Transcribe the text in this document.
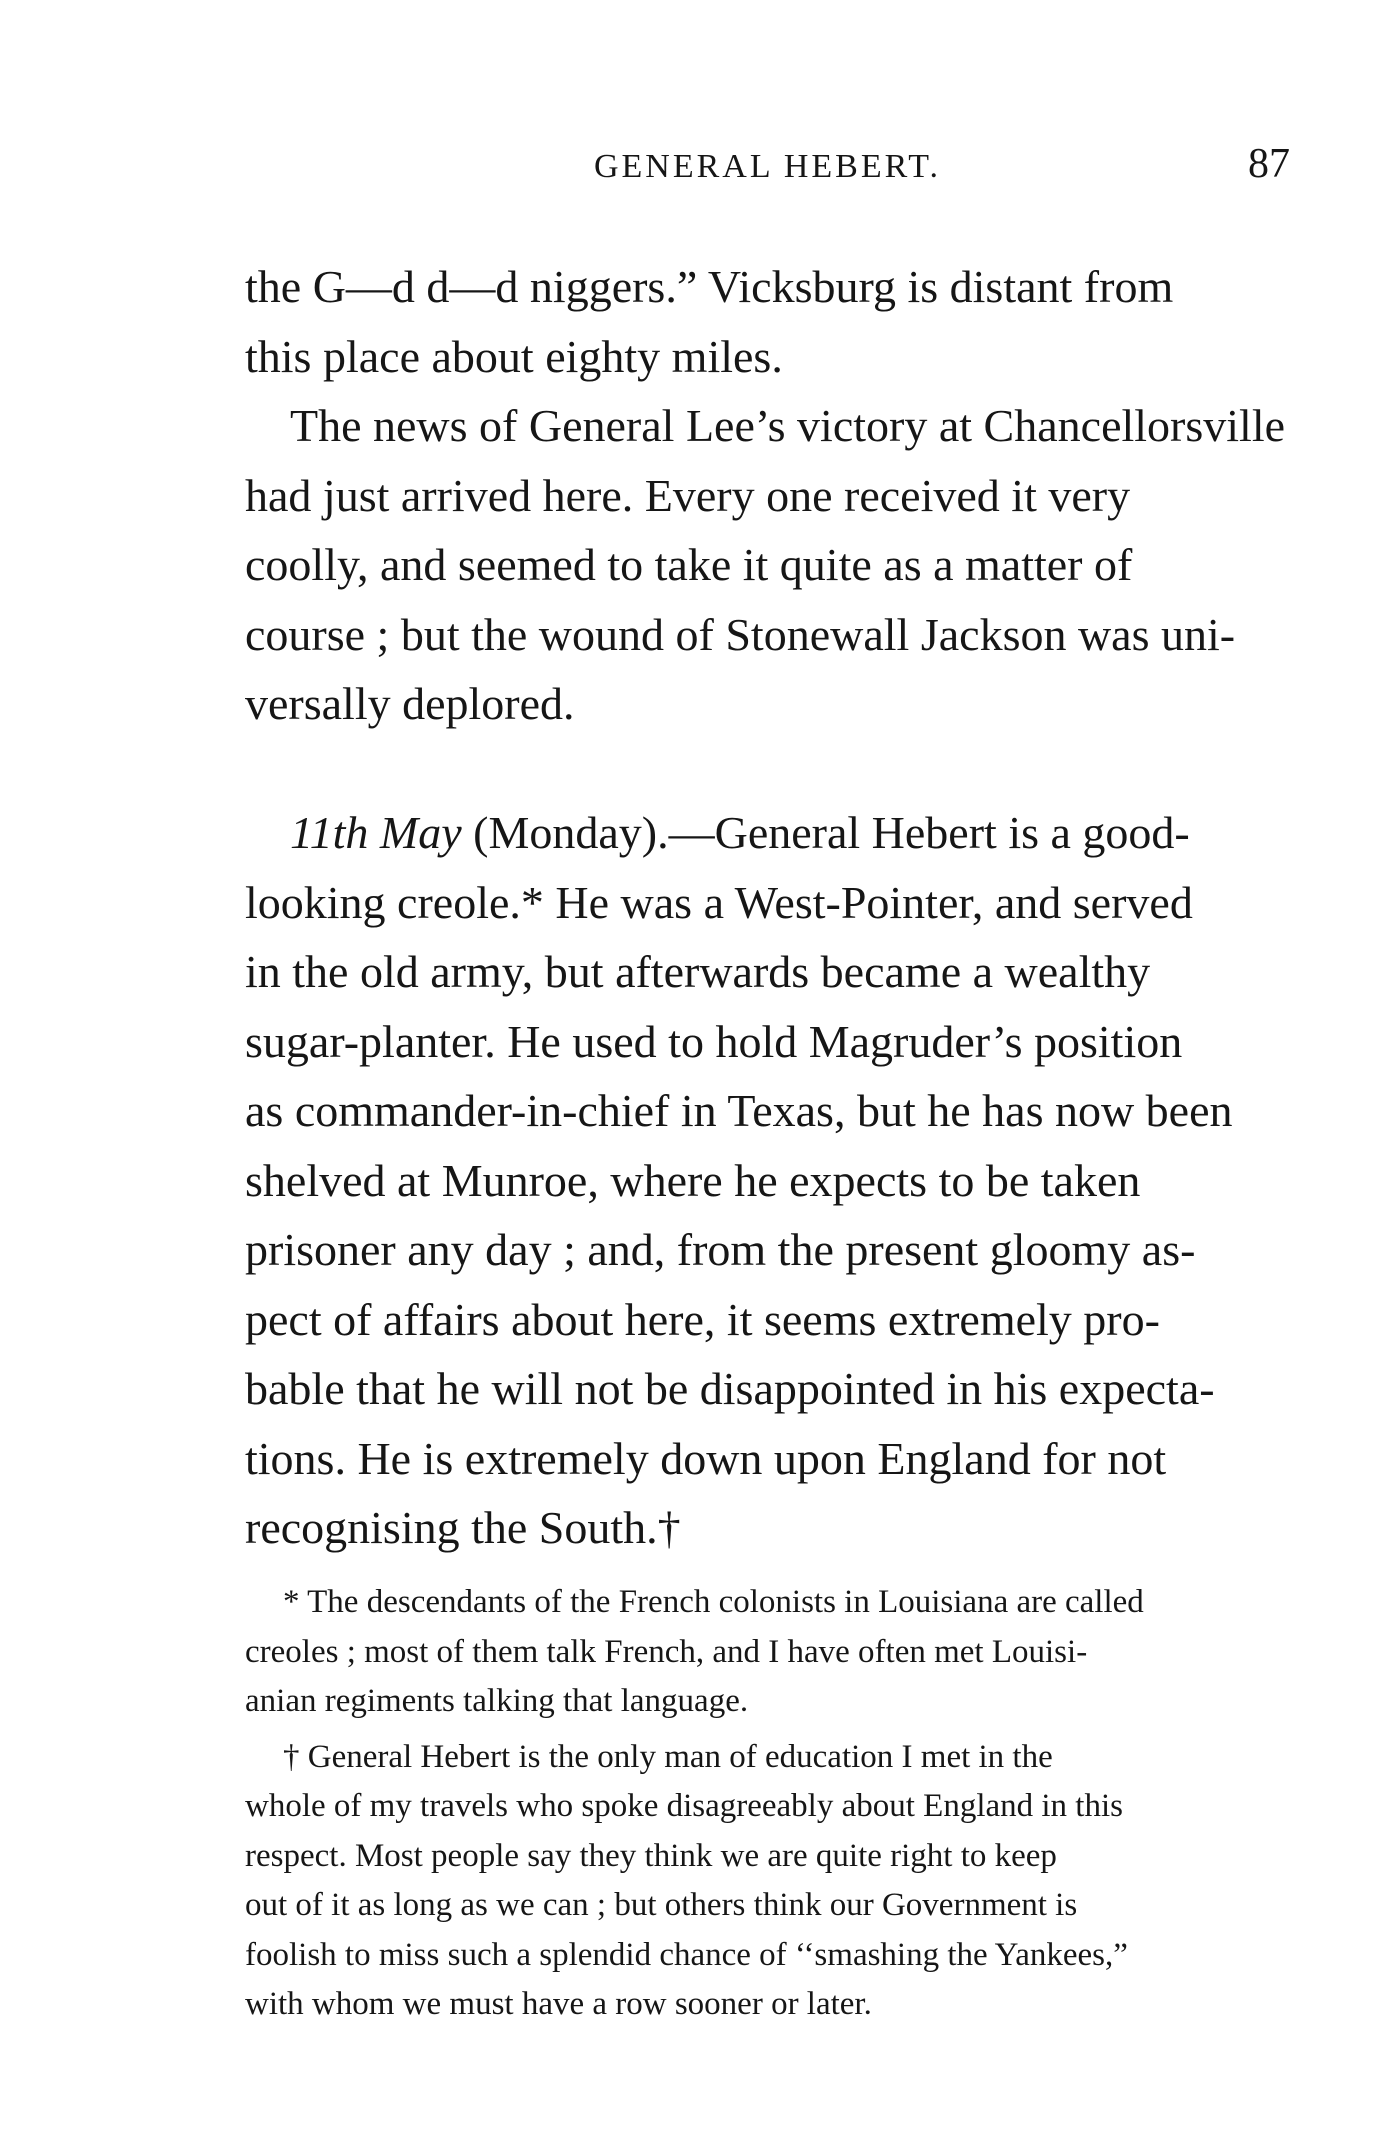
GENERAL HEBERT.	87

the G—d d—d niggers.” Vicksburg is distant from
this place about eighty miles.

The news of General Lee’s victory at Chancellorsville
had just arrived here. Every one received it very
coolly, and seemed to take it quite as a matter of
course ; but the wound of Stonewall Jackson was uni-
versally deplored.

11th May (Monday).—General Hebert is a good-
looking creole.* He was a West-Pointer, and served
in the old army, but afterwards became a wealthy
sugar-planter. He used to hold Magruder’s position
as commander-in-chief in Texas, but he has now been
shelved at Munroe, where he expects to be taken
prisoner any day ; and, from the present gloomy as-
pect of affairs about here, it seems extremely pro-
bable that he will not be disappointed in his expecta-
tions. He is extremely down upon England for not
recognising the South.†

* The descendants of the French colonists in Louisiana are called
creoles ; most of them talk French, and I have often met Louisi-
anian regiments talking that language.

† General Hebert is the only man of education I met in the
whole of my travels who spoke disagreeably about England in this
respect. Most people say they think we are quite right to keep
out of it as long as we can ; but others think our Government is
foolish to miss such a splendid chance of ‘‘smashing the Yankees,”
with whom we must have a row sooner or later.
